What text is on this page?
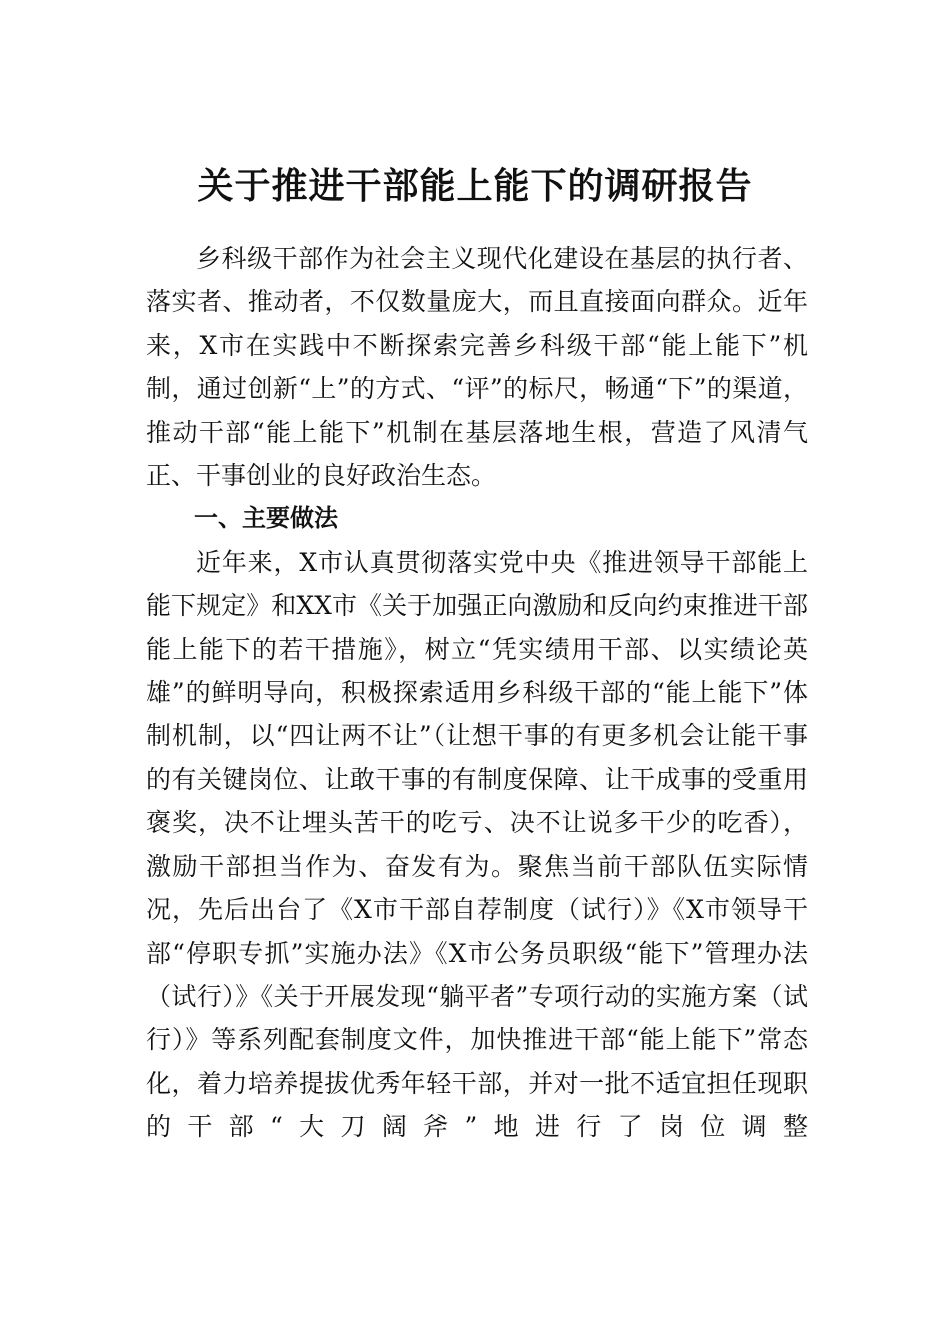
关于推进干部能上能下的调研报告

乡科级干部作为社会主义现代化建设在基层的执行者、落实者、推动者，不仅数量庞大，而且直接面向群众。近年来，X市在实践中不断探索完善乡科级干部“能上能下”机制，通过创新“上”的方式、“评”的标尺，畅通“下”的渠道，推动干部“能上能下”机制在基层落地生根，营造了风清气正、干事创业的良好政治生态。

一、主要做法

近年来，X市认真贯彻落实党中央《推进领导干部能上能下规定》和XX市《关于加强正向激励和反向约束推进干部能上能下的若干措施》，树立“凭实绩用干部、以实绩论英雄”的鲜明导向，积极探索适用乡科级干部的“能上能下”体制机制，以“四让两不让”（让想干事的有更多机会让能干事的有关键岗位、让敢干事的有制度保障、让干成事的受重用褒奖，决不让埋头苦干的吃亏、决不让说多干少的吃香），激励干部担当作为、奋发有为。聚焦当前干部队伍实际情况，先后出台了《X市干部自荐制度（试行）》《X市领导干部“停职专抓”实施办法》《X市公务员职级“能下”管理办法（试行）》《关于开展发现“躺平者”专项行动的实施方案（试行）》等系列配套制度文件，加快推进干部“能上能下”常态化，着力培养提拔优秀年轻干部，并对一批不适宜担任现职的干部“大刀阔斧”地进行了岗位调整
